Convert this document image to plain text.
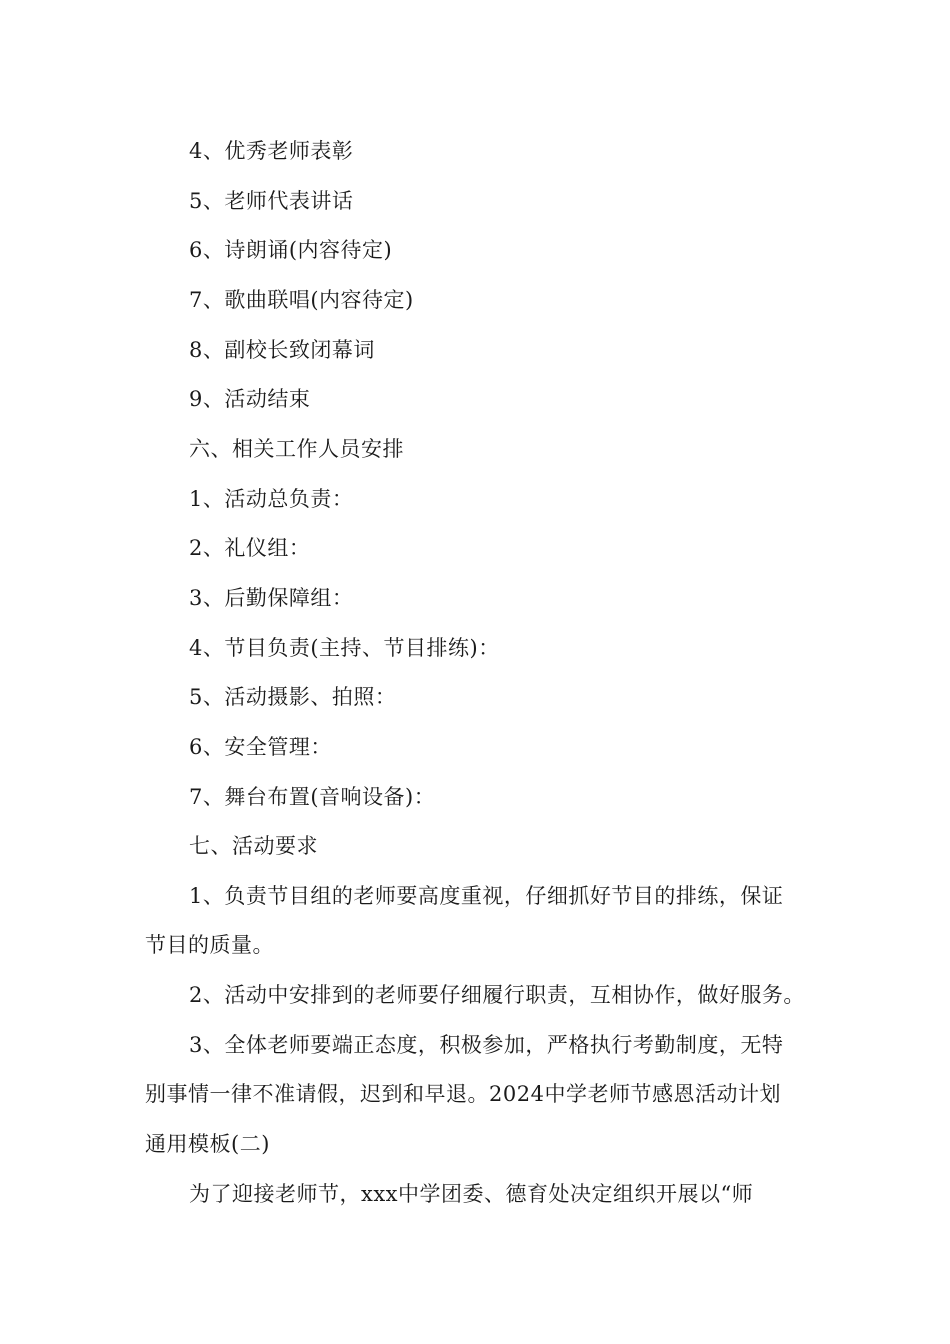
4、优秀老师表彰
5、老师代表讲话
6、诗朗诵(内容待定)
7、歌曲联唱(内容待定)
8、副校长致闭幕词
9、活动结束
六、相关工作人员安排
1、活动总负责：
2、礼仪组：
3、后勤保障组：
4、节目负责(主持、节目排练)：
5、活动摄影、拍照：
6、安全管理：
7、舞台布置(音响设备)：
七、活动要求
1、负责节目组的老师要高度重视，仔细抓好节目的排练，保证
节目的质量。
2、活动中安排到的老师要仔细履行职责，互相协作，做好服务。
3、全体老师要端正态度，积极参加，严格执行考勤制度，无特
别事情一律不准请假，迟到和早退。2024中学老师节感恩活动计划
通用模板(二)
为了迎接老师节，xxx中学团委、德育处决定组织开展以“师
